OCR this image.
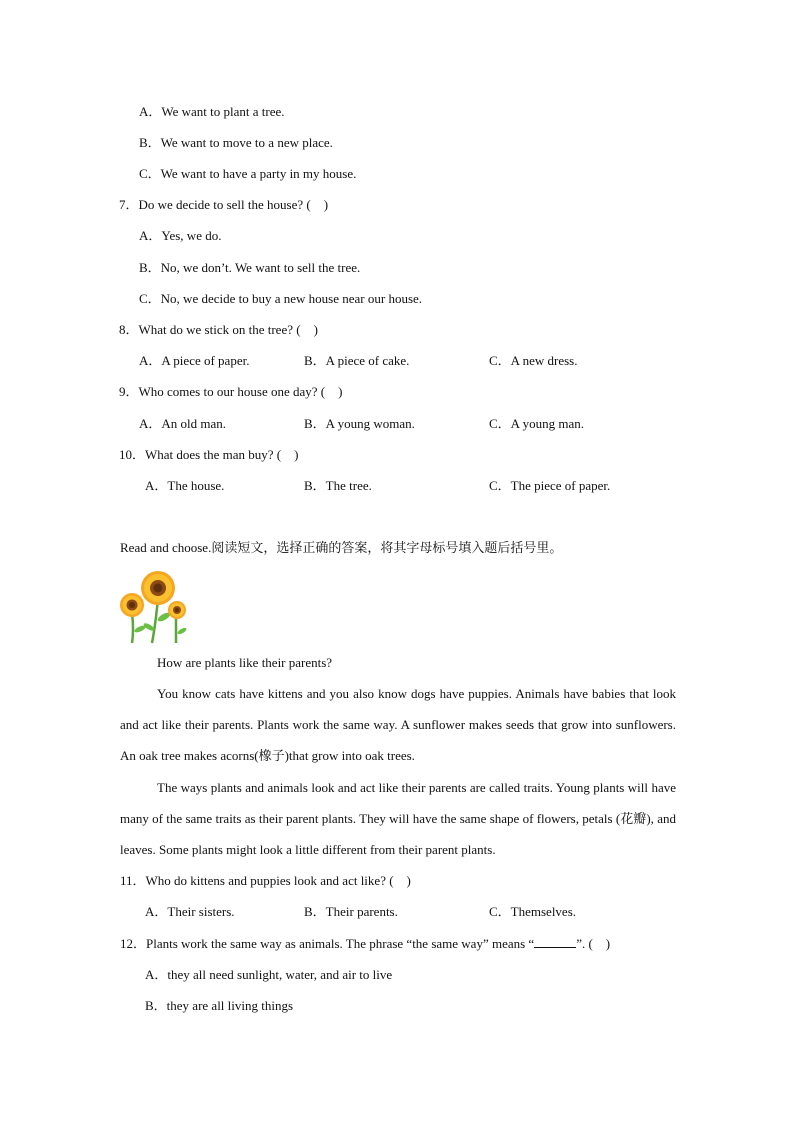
A．We want to plant a tree.
B．We want to move to a new place.
C．We want to have a party in my house.
7．Do we decide to sell the house? (　)
A．Yes, we do.
B．No, we don’t. We want to sell the tree.
C．No, we decide to buy a new house near our house.
8．What do we stick on the tree? (　)
A．A piece of paper.	B．A piece of cake.	C．A new dress.
9．Who comes to our house one day? (　)
A．An old man.	B．A young woman.	C．A young man.
10．What does the man buy? (　)
A．The house.	B．The tree.	C．The piece of paper.
Read and choose.阅读短文，选择正确的答案，将其字母标号填入题后括号里。
How are plants like their parents?
You know cats have kittens and you also know dogs have puppies. Animals have babies that look and act like their parents. Plants work the same way. A sunflower makes seeds that grow into sunflowers. An oak tree makes acorns(橡子)that grow into oak trees.
The ways plants and animals look and act like their parents are called traits. Young plants will have many of the same traits as their parent plants. They will have the same shape of flowers, petals (花瓣), and leaves. Some plants might look a little different from their parent plants.
11．Who do kittens and puppies look and act like? (　)
A．Their sisters.	B．Their parents.	C．Themselves.
12．Plants work the same way as animals. The phrase “the same way” means “	”. (　)
A．they all need sunlight, water, and air to live
B．they are all living things
